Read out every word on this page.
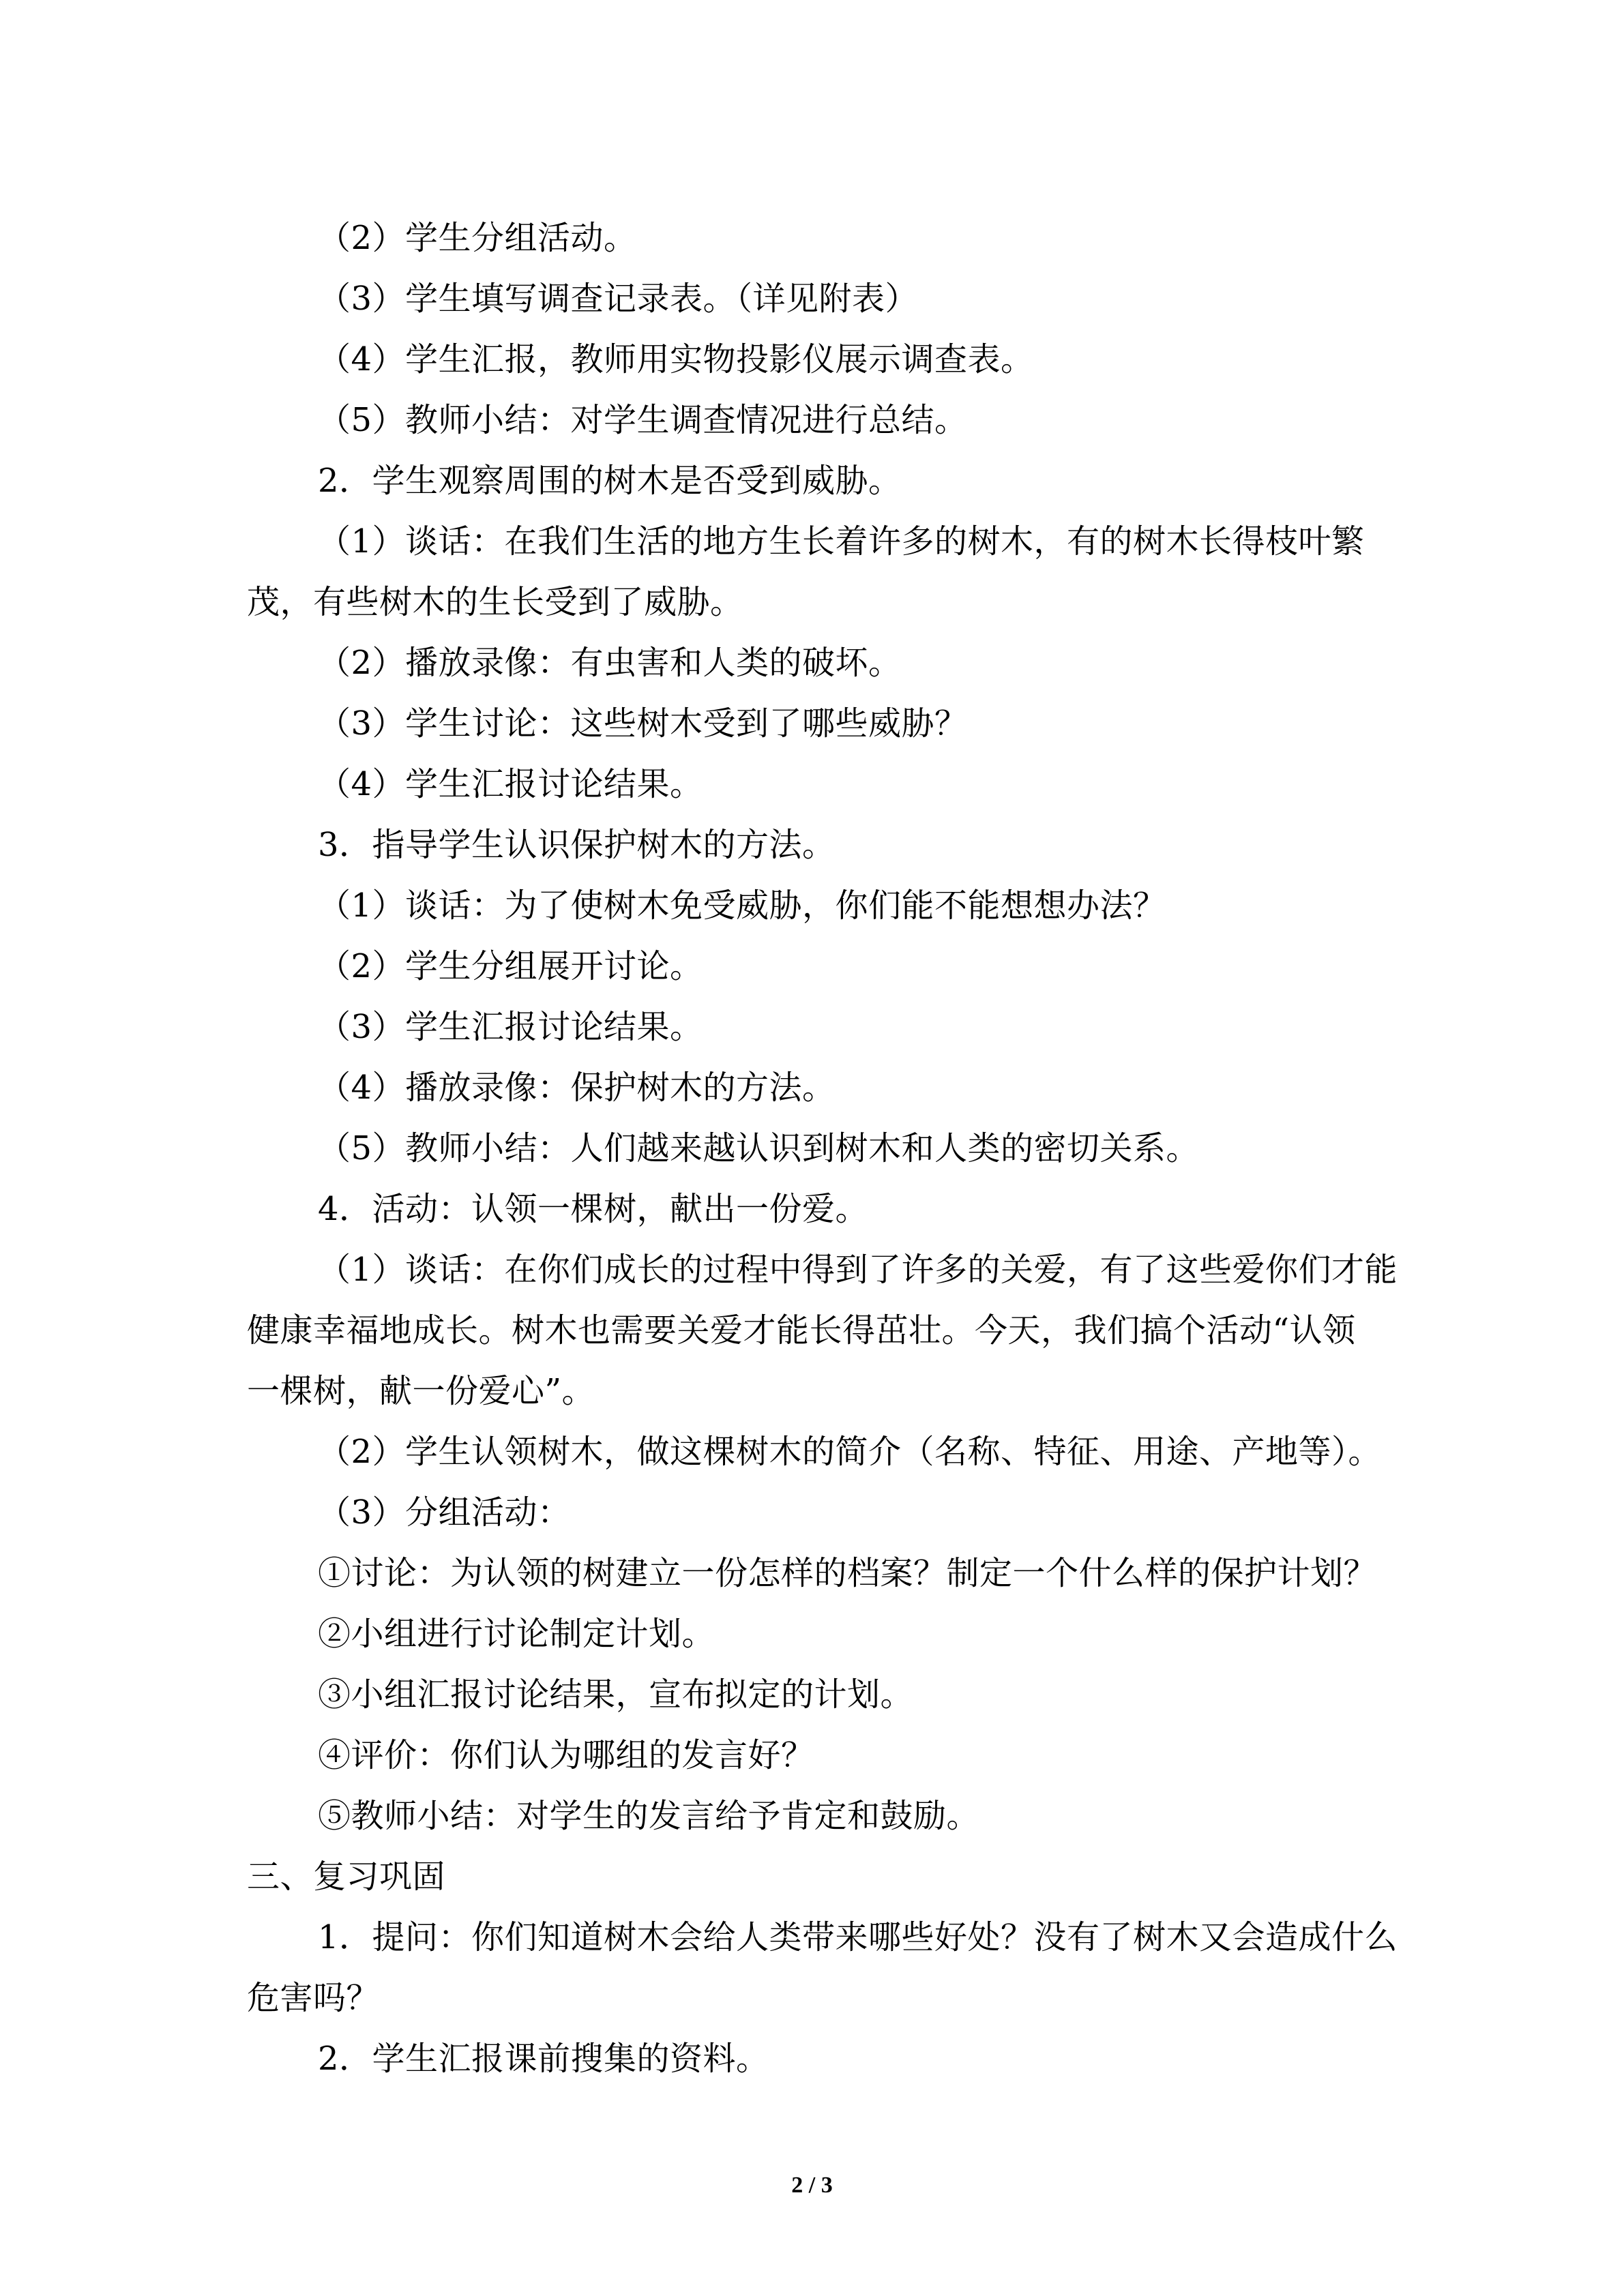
（2）学生分组活动。
（3）学生填写调查记录表。（详见附表）
（4）学生汇报，教师用实物投影仪展示调查表。
（5）教师小结：对学生调查情况进行总结。
2．学生观察周围的树木是否受到威胁。
（1）谈话：在我们生活的地方生长着许多的树木，有的树木长得枝叶繁
茂，有些树木的生长受到了威胁。
（2）播放录像：有虫害和人类的破坏。
（3）学生讨论：这些树木受到了哪些威胁？
（4）学生汇报讨论结果。
3．指导学生认识保护树木的方法。
（1）谈话：为了使树木免受威胁，你们能不能想想办法？
（2）学生分组展开讨论。
（3）学生汇报讨论结果。
（4）播放录像：保护树木的方法。
（5）教师小结：人们越来越认识到树木和人类的密切关系。
4．活动：认领一棵树，献出一份爱。
（1）谈话：在你们成长的过程中得到了许多的关爱，有了这些爱你们才能
健康幸福地成长。树木也需要关爱才能长得茁壮。今天，我们搞个活动“认领
一棵树，献一份爱心”。
（2）学生认领树木，做这棵树木的简介（名称、特征、用途、产地等）。
（3）分组活动：
①讨论：为认领的树建立一份怎样的档案？制定一个什么样的保护计划？
②小组进行讨论制定计划。
③小组汇报讨论结果，宣布拟定的计划。
④评价：你们认为哪组的发言好？
⑤教师小结：对学生的发言给予肯定和鼓励。
三、复习巩固
1．提问：你们知道树木会给人类带来哪些好处？没有了树木又会造成什么
危害吗？
2．学生汇报课前搜集的资料。
2 / 3
